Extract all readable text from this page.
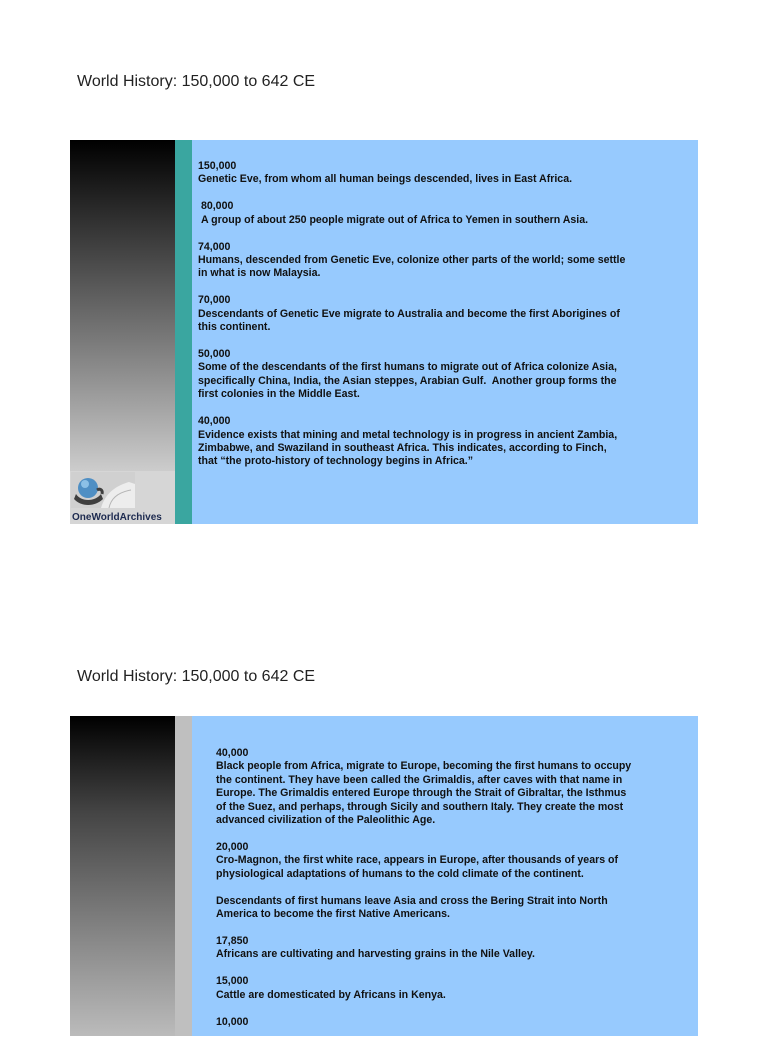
World History: 150,000 to 642 CE
OneWorldArchives
150,000
Genetic Eve, from whom all human beings descended, lives in East Africa.
80,000
A group of about 250 people migrate out of Africa to Yemen in southern Asia.
74,000
Humans, descended from Genetic Eve, colonize other parts of the world; some settle
in what is now Malaysia.
70,000
Descendants of Genetic Eve migrate to Australia and become the first Aborigines of
this continent.
50,000
Some of the descendants of the first humans to migrate out of Africa colonize Asia,
specifically China, India, the Asian steppes, Arabian Gulf.  Another group forms the
first colonies in the Middle East.
40,000
Evidence exists that mining and metal technology is in progress in ancient Zambia,
Zimbabwe, and Swaziland in southeast Africa. This indicates, according to Finch,
that “the proto-history of technology begins in Africa.”
World History: 150,000 to 642 CE
40,000
Black people from Africa, migrate to Europe, becoming the first humans to occupy
the continent. They have been called the Grimaldis, after caves with that name in
Europe. The Grimaldis entered Europe through the Strait of Gibraltar, the Isthmus
of the Suez, and perhaps, through Sicily and southern Italy. They create the most
advanced civilization of the Paleolithic Age.
20,000
Cro-Magnon, the first white race, appears in Europe, after thousands of years of
physiological adaptations of humans to the cold climate of the continent.
Descendants of first humans leave Asia and cross the Bering Strait into North
America to become the first Native Americans.
17,850
Africans are cultivating and harvesting grains in the Nile Valley.
15,000
Cattle are domesticated by Africans in Kenya.
10,000
